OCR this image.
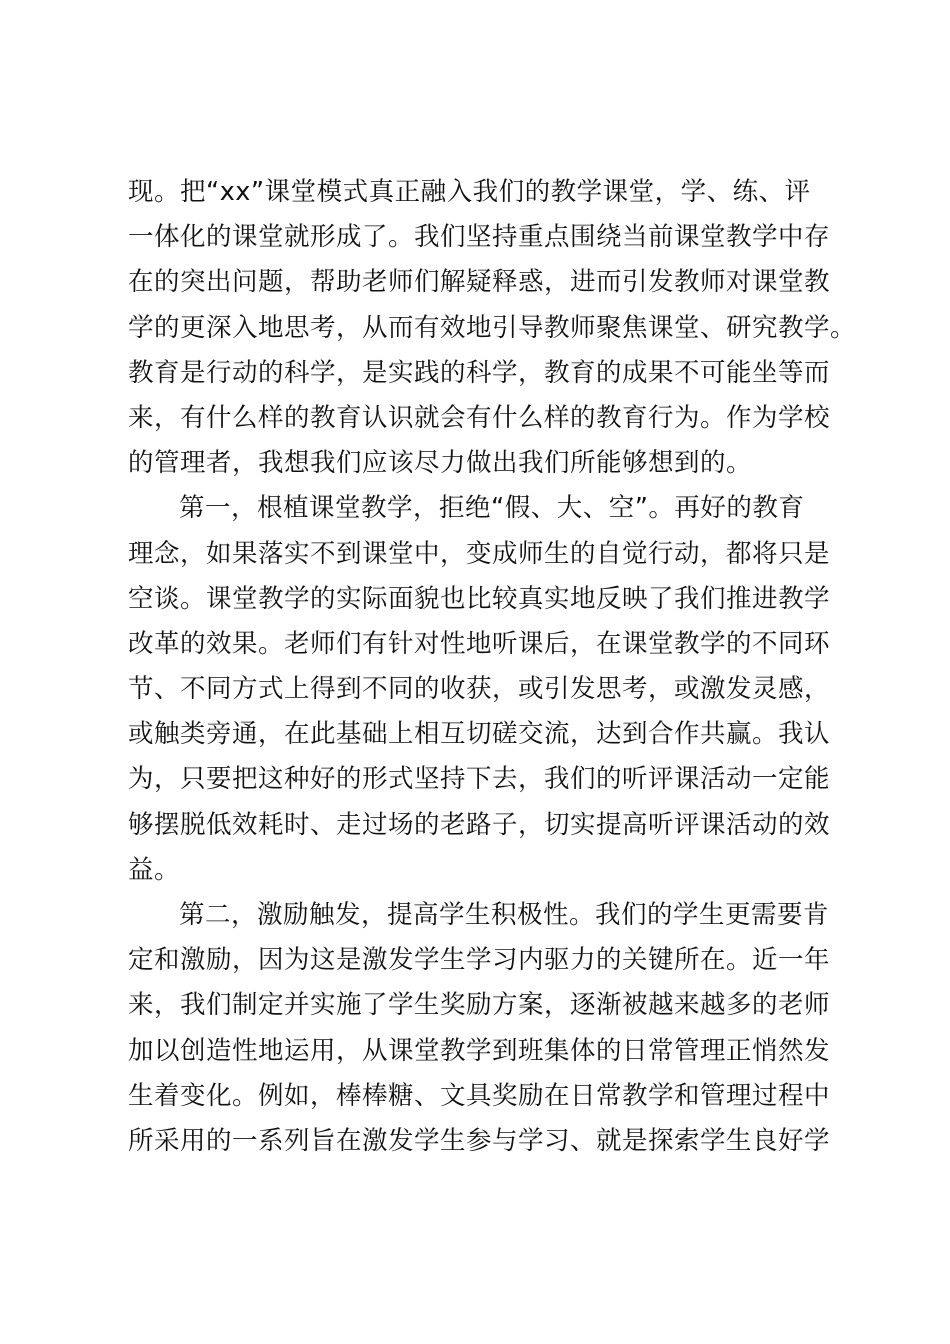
现。把“xx”课堂模式真正融入我们的教学课堂，学、练、评
一体化的课堂就形成了。我们坚持重点围绕当前课堂教学中存
在的突出问题，帮助老师们解疑释惑，进而引发教师对课堂教
学的更深入地思考，从而有效地引导教师聚焦课堂、研究教学。
教育是行动的科学，是实践的科学，教育的成果不可能坐等而
来，有什么样的教育认识就会有什么样的教育行为。作为学校
的管理者，我想我们应该尽力做出我们所能够想到的。
第一，根植课堂教学，拒绝“假、大、空”。再好的教育
理念，如果落实不到课堂中，变成师生的自觉行动，都将只是
空谈。课堂教学的实际面貌也比较真实地反映了我们推进教学
改革的效果。老师们有针对性地听课后，在课堂教学的不同环
节、不同方式上得到不同的收获，或引发思考，或激发灵感，
或触类旁通，在此基础上相互切磋交流，达到合作共赢。我认
为，只要把这种好的形式坚持下去，我们的听评课活动一定能
够摆脱低效耗时、走过场的老路子，切实提高听评课活动的效
益。
第二，激励触发，提高学生积极性。我们的学生更需要肯
定和激励，因为这是激发学生学习内驱力的关键所在。近一年
来，我们制定并实施了学生奖励方案，逐渐被越来越多的老师
加以创造性地运用，从课堂教学到班集体的日常管理正悄然发
生着变化。例如，棒棒糖、文具奖励在日常教学和管理过程中
所采用的一系列旨在激发学生参与学习、就是探索学生良好学
